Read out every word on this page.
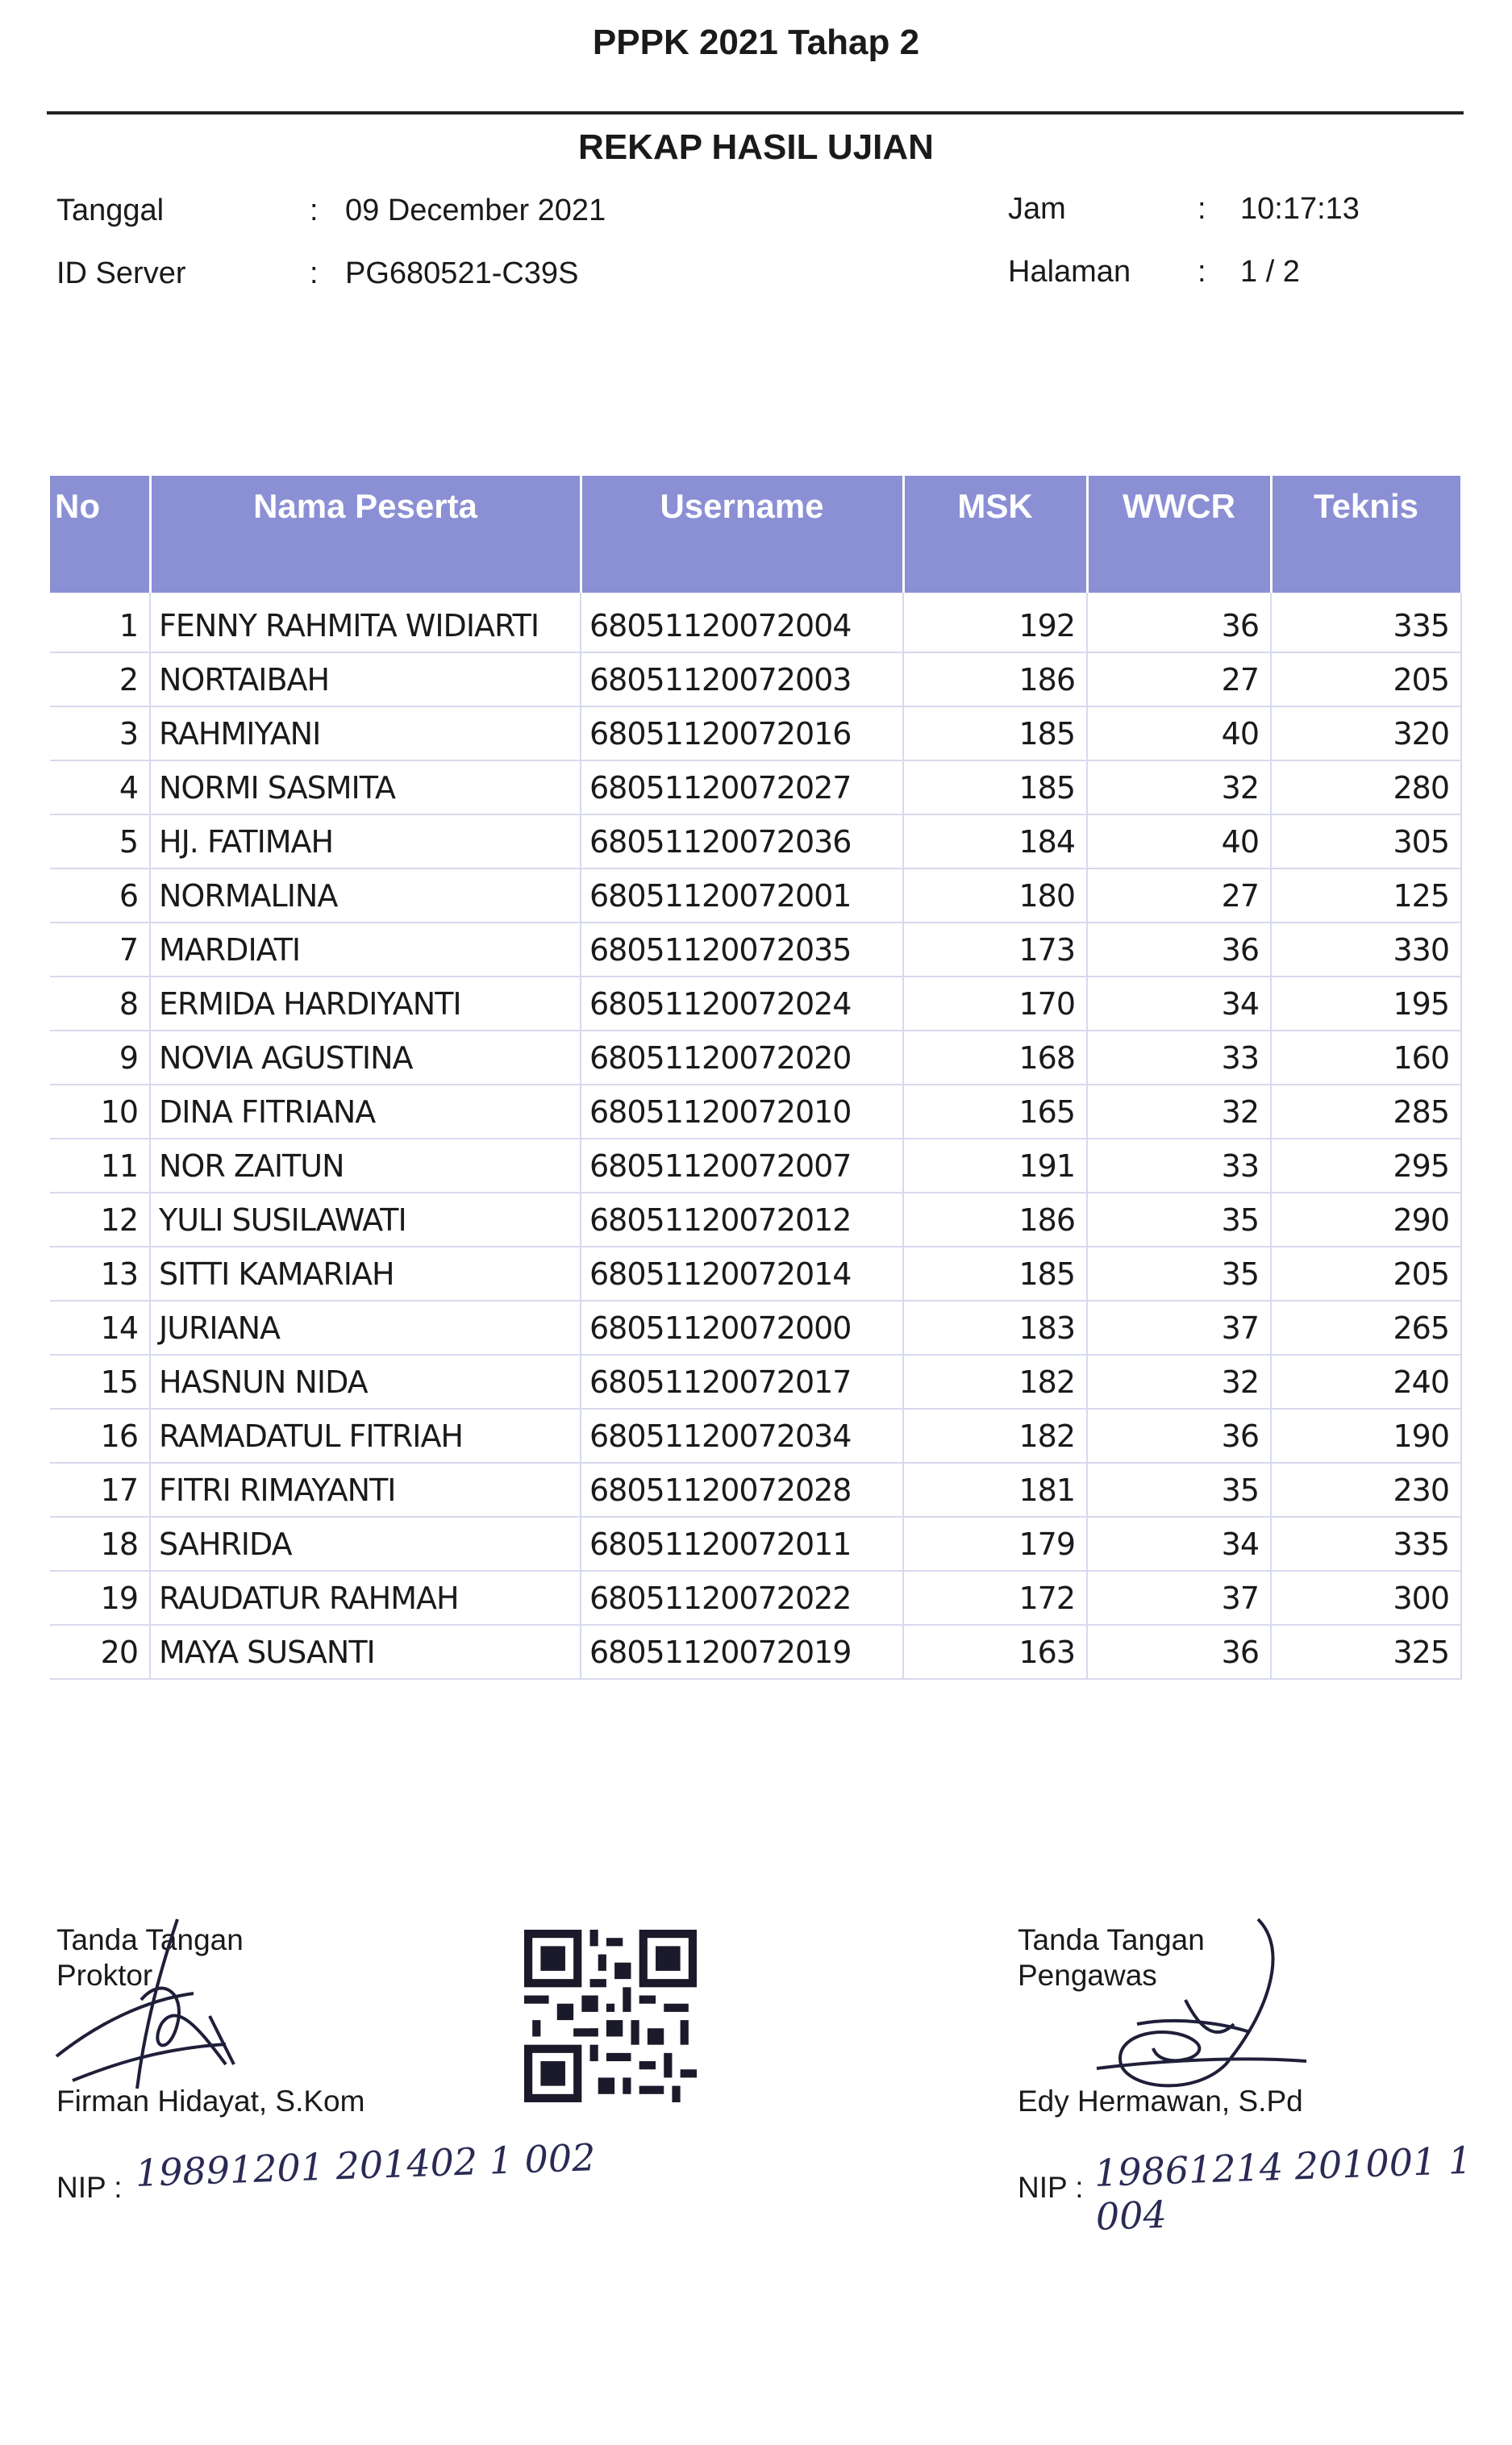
PPPK 2021 Tahap 2
REKAP HASIL UJIAN
Tanggal	: 09 December 2021
ID Server	: PG680521-C39S
Jam	: 10:17:13
Halaman : 1 / 2
No	Nama Peserta	Username	MSK	WWCR	Teknis
1	FENNY RAHMITA WIDIARTI	68051120072004	192	36	335
2	NORTAIBAH	68051120072003	186	27	205
3	RAHMIYANI	68051120072016	185	40	320
4	NORMI SASMITA	68051120072027	185	32	280
5	HJ. FATIMAH	68051120072036	184	40	305
6	NORMALINA	68051120072001	180	27	125
7	MARDIATI	68051120072035	173	36	330
8	ERMIDA HARDIYANTI	68051120072024	170	34	195
9	NOVIA AGUSTINA	68051120072020	168	33	160
10	DINA FITRIANA	68051120072010	165	32	285
11	NOR ZAITUN	68051120072007	191	33	295
12	YULI SUSILAWATI	68051120072012	186	35	290
13	SITTI KAMARIAH	68051120072014	185	35	205
14	JURIANA	68051120072000	183	37	265
15	HASNUN NIDA	68051120072017	182	32	240
16	RAMADATUL FITRIAH	68051120072034	182	36	190
17	FITRI RIMAYANTI	68051120072028	181	35	230
18	SAHRIDA	68051120072011	179	34	335
19	RAUDATUR RAHMAH	68051120072022	172	37	300
20	MAYA SUSANTI	68051120072019	163	36	325
Tanda Tangan
Proktor
Firman Hidayat, S.Kom
NIP : 19891201 201402 1 002
Tanda Tangan
Pengawas
Edy Hermawan, S.Pd
NIP : 19861214 201001 1 004
